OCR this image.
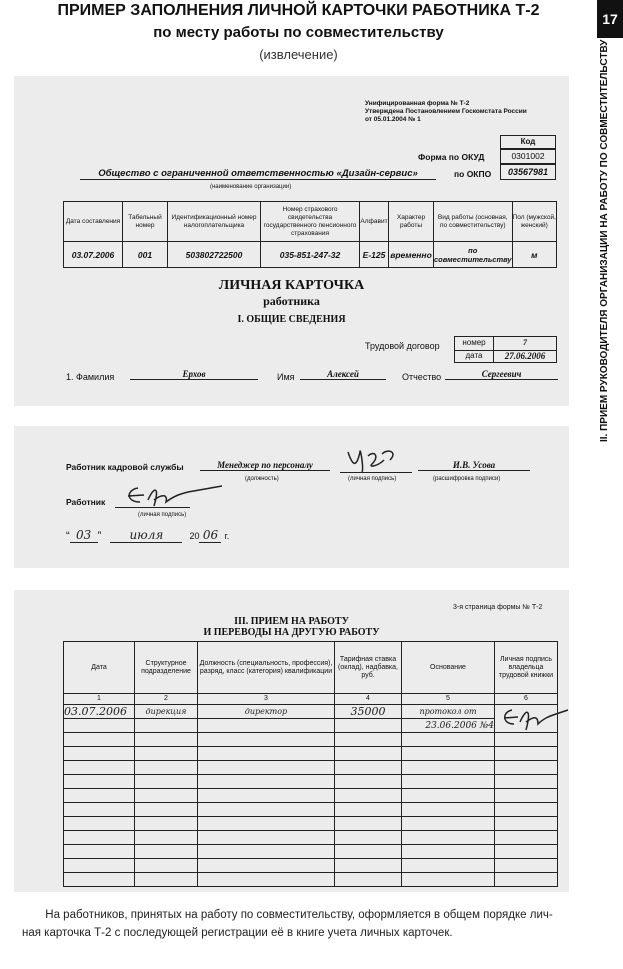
17
II. ПРИЕМ РУКОВОДИТЕЛЯ ОРГАНИЗАЦИИ НА РАБОТУ ПО СОВМЕСТИТЕЛЬСТВУ
ПРИМЕР ЗАПОЛНЕНИЯ ЛИЧНОЙ КАРТОЧКИ РАБОТНИКА Т-2
по месту работы по совместительству
(извлечение)
Унифицированная форма № Т-2
Утверждена Постановлением Госкомстата России
от 05.01.2004 № 1
Код
Форма по ОКУД	0301002
Общество с ограниченной ответственностью «Дизайн-сервис»	по ОКПО	03567981
(наименование организации)
Дата составления	Табельный номер	Идентификационный номер налогоплательщика	Номер страхового свидетельства государственного пенсионного страхования	Алфавит	Характер работы	Вид работы (основная, по совместительству)	Пол (мужской, женский)
03.07.2006	001	503802722500	035-851-247-32	Е-125	временно	по совместительству	м
ЛИЧНАЯ КАРТОЧКА
работника
I. ОБЩИЕ СВЕДЕНИЯ
Трудовой договор	номер	7
дата	27.06.2006
1. Фамилия	Ерхов	Имя	Алексей	Отчество	Сергеевич
Работник кадровой службы	Менеджер по персоналу
(должность)	(личная подпись)
И.В. Усова
(расшифровка подписи)
Работник
(личная подпись)
“ 03 ” июля	20 06 г.
3-я страница формы № Т-2
III. ПРИЕМ НА РАБОТУ
И ПЕРЕВОДЫ НА ДРУГУЮ РАБОТУ
Дата	Структурное подразделение	Должность (специальность, профессия), разряд, класс (категория) квалификации	Тарифная ставка (оклад), надбавка, руб.	Основание	Личная подпись владельца трудовой книжки
1	2	3	4	5	6
03.07.2006	дирекция	директор	35000	протокол от	
				23.06.2006 №4	

На работников, принятых на работу по совместительству, оформляется в общем порядке лич-
ная карточка Т-2 с последующей регистрации её в книге учета личных карточек.
